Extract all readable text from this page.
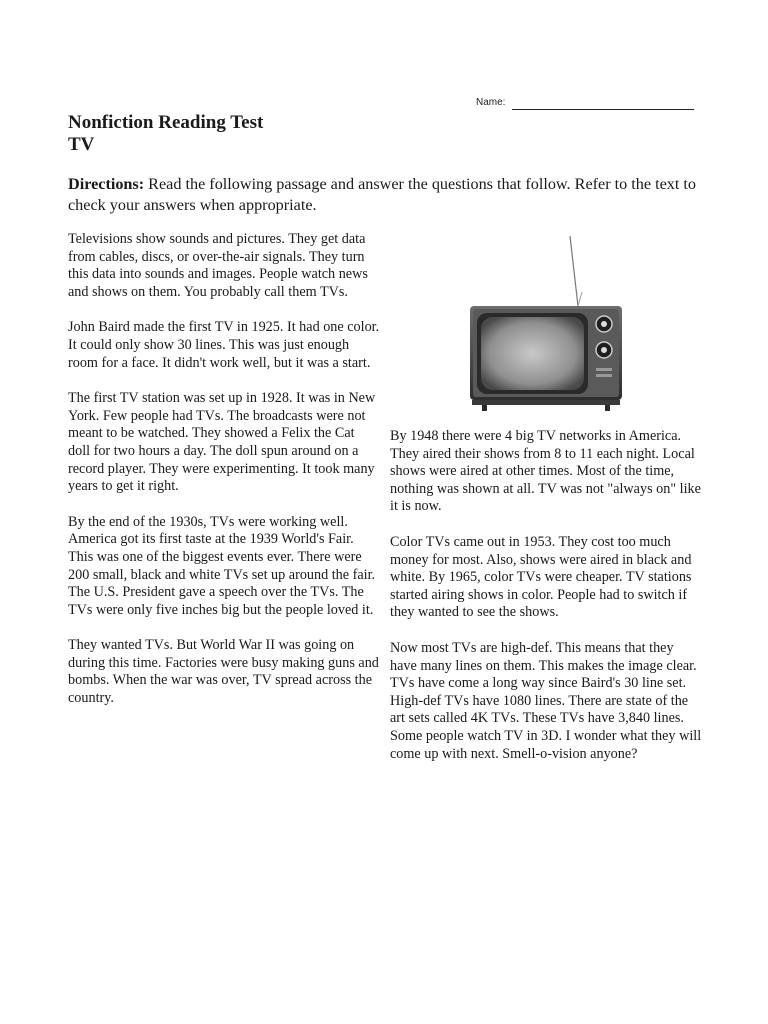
Name:
Nonfiction Reading Test
TV
Directions: Read the following passage and answer the questions that follow. Refer to the text to check your answers when appropriate.

Televisions show sounds and pictures. They get data from cables, discs, or over-the-air signals. They turn this data into sounds and images. People watch news and shows on them. You probably call them TVs.

John Baird made the first TV in 1925. It had one color. It could only show 30 lines. This was just enough room for a face. It didn't work well, but it was a start.

The first TV station was set up in 1928. It was in New York. Few people had TVs. The broadcasts were not meant to be watched. They showed a Felix the Cat doll for two hours a day. The doll spun around on a record player. They were experimenting. It took many years to get it right.

By the end of the 1930s, TVs were working well. America got its first taste at the 1939 World's Fair. This was one of the biggest events ever. There were 200 small, black and white TVs set up around the fair. The U.S. President gave a speech over the TVs. The TVs were only five inches big but the people loved it.

They wanted TVs. But World War II was going on during this time. Factories were busy making guns and bombs. When the war was over, TV spread across the country.

By 1948 there were 4 big TV networks in America. They aired their shows from 8 to 11 each night. Local shows were aired at other times. Most of the time, nothing was shown at all. TV was not "always on" like it is now.

Color TVs came out in 1953. They cost too much money for most. Also, shows were aired in black and white. By 1965, color TVs were cheaper. TV stations started airing shows in color. People had to switch if they wanted to see the shows.

Now most TVs are high-def. This means that they have many lines on them. This makes the image clear. TVs have come a long way since Baird's 30 line set. High-def TVs have 1080 lines. There are state of the art sets called 4K TVs. These TVs have 3,840 lines. Some people watch TV in 3D. I wonder what they will come up with next. Smell-o-vision anyone?
